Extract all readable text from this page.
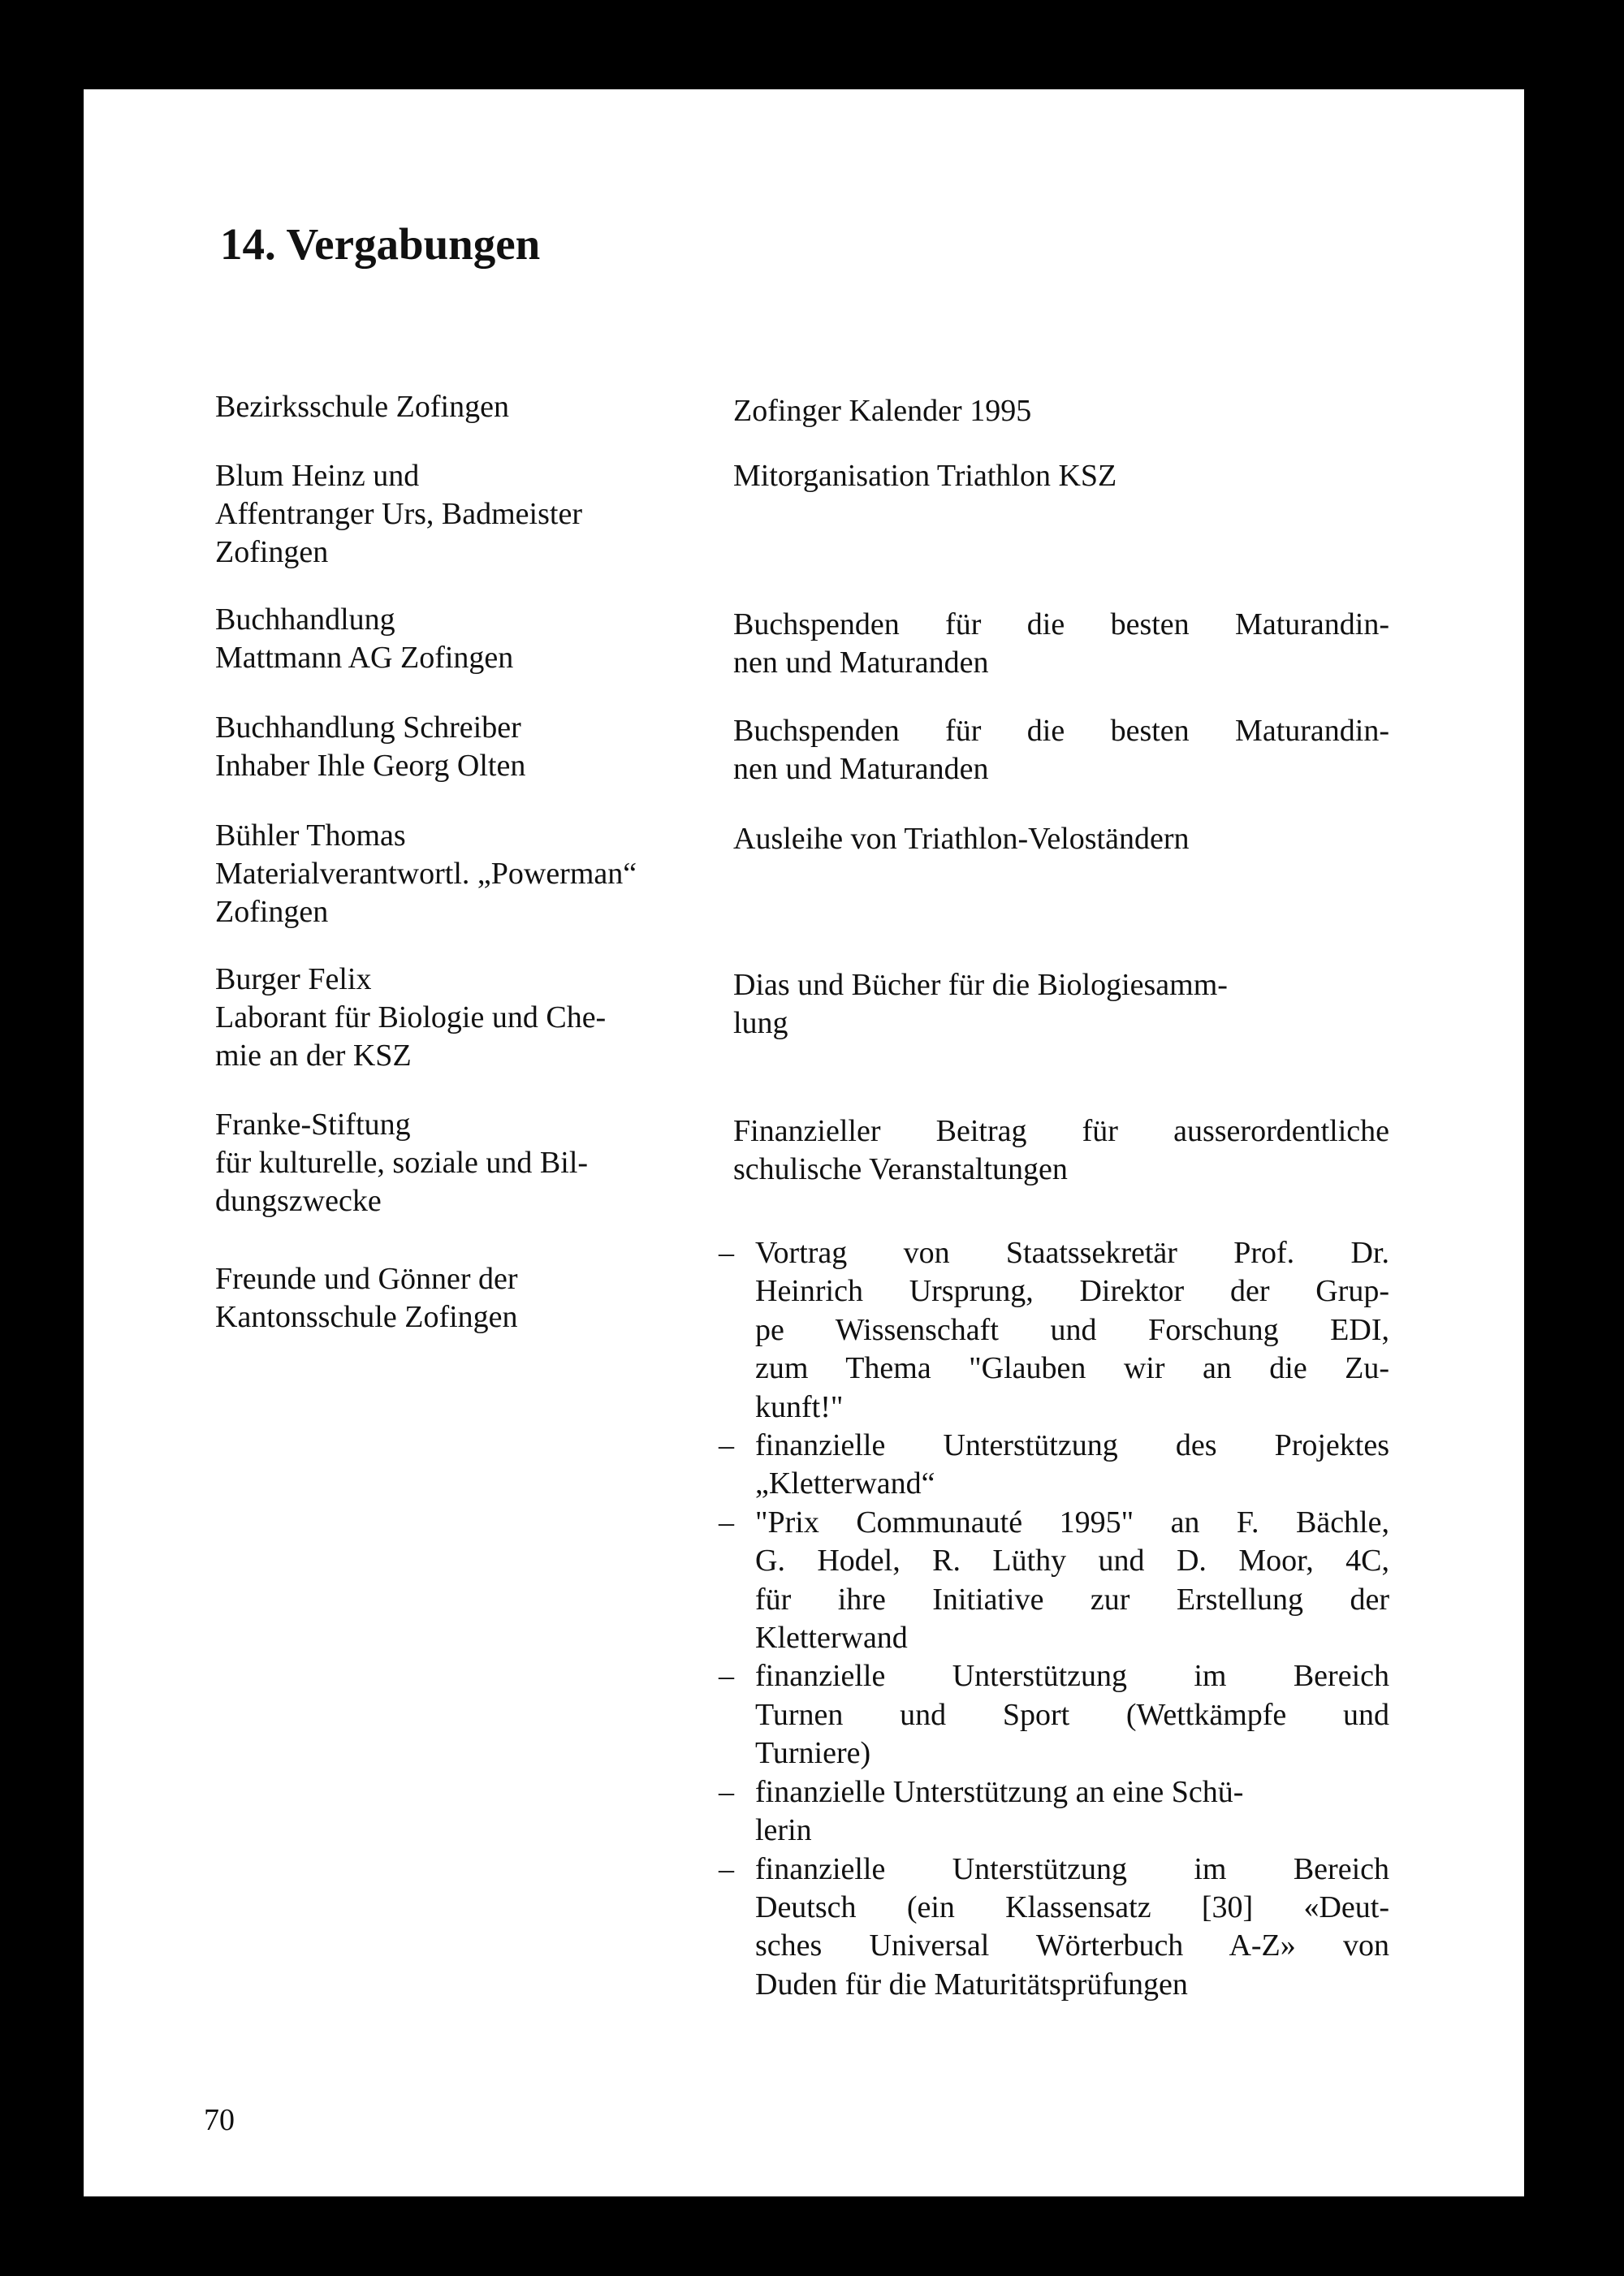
14. Vergabungen
Bezirksschule Zofingen	Zofinger Kalender 1995
Blum Heinz und
Affentranger Urs, Badmeister
Zofingen
Mitorganisation Triathlon KSZ
Buchhandlung
Mattmann AG Zofingen
Buchspenden für die besten Maturandin-
nen und Maturanden
Buchhandlung Schreiber
Inhaber Ihle Georg Olten
Buchspenden für die besten Maturandin-
nen und Maturanden
Bühler Thomas
Materialverantwortl. „Powerman“
Zofingen
Ausleihe von Triathlon-Veloständern
Burger Felix
Laborant für Biologie und Che-
mie an der KSZ
Dias und Bücher für die Biologiesamm-
lung
Franke-Stiftung
für kulturelle, soziale und Bil-
dungszwecke
Finanzieller Beitrag für ausserordentliche
schulische Veranstaltungen
Freunde und Gönner der
Kantonsschule Zofingen
– Vortrag von Staatssekretär Prof. Dr.
Heinrich Ursprung, Direktor der Grup-
pe Wissenschaft und Forschung EDI,
zum Thema "Glauben wir an die Zu-
kunft!"
– finanzielle Unterstützung des Projektes
„Kletterwand“
– "Prix Communauté 1995" an F. Bächle,
G. Hodel, R. Lüthy und D. Moor, 4C,
für ihre Initiative zur Erstellung der
Kletterwand
– finanzielle Unterstützung im Bereich
Turnen und Sport (Wettkämpfe und
Turniere)
– finanzielle Unterstützung an eine Schü-
lerin
– finanzielle Unterstützung im Bereich
Deutsch (ein Klassensatz [30] «Deut-
sches Universal Wörterbuch A-Z» von
Duden für die Maturitätsprüfungen

70
